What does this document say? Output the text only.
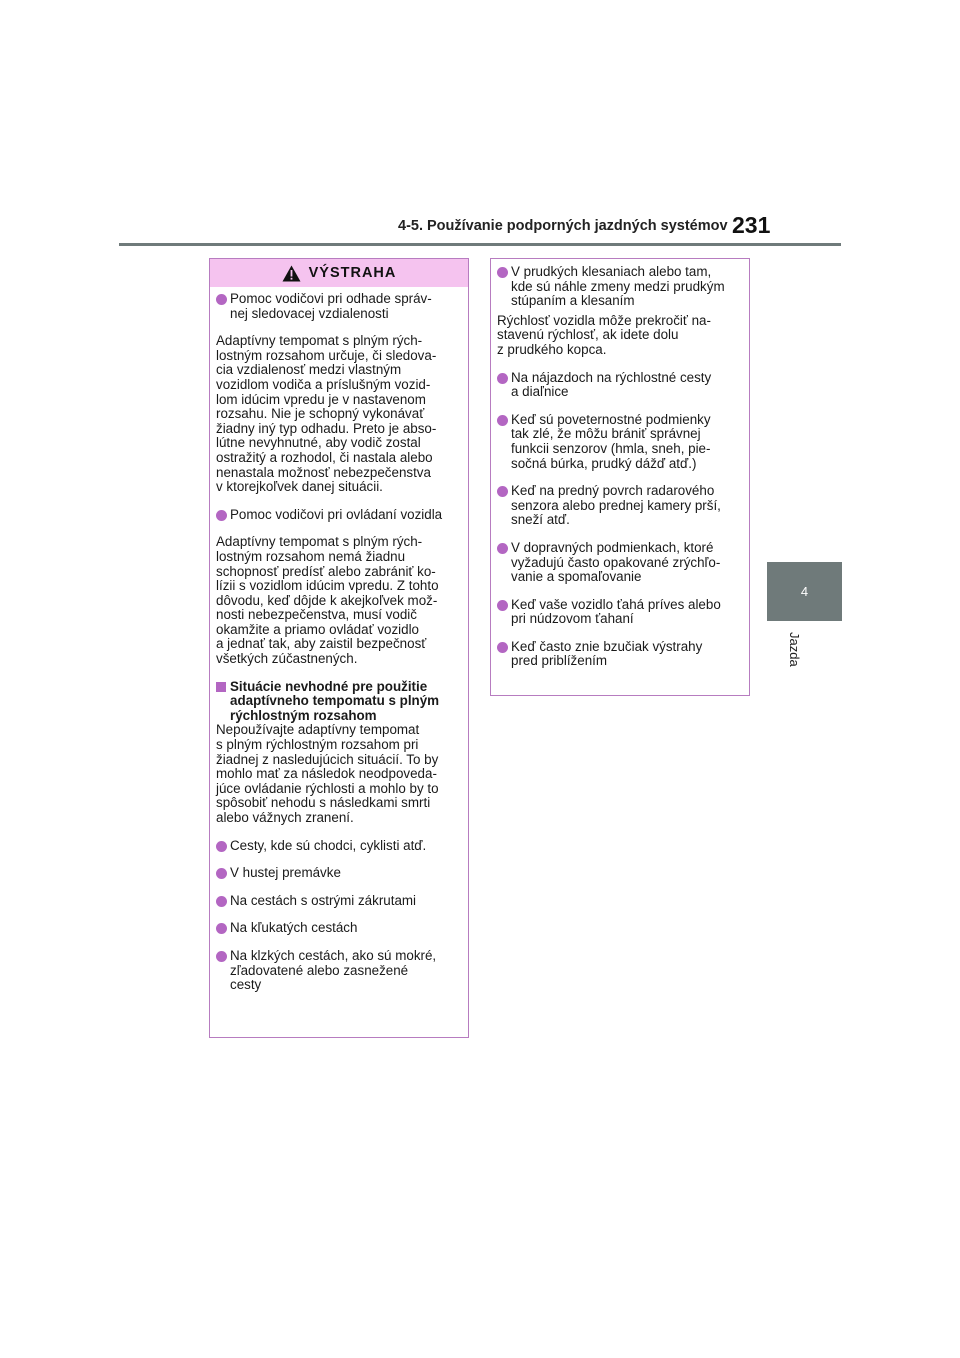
4-5. Používanie podporných jazdných systémov 231
4
Jazda
VÝSTRAHA
Pomoc vodičovi pri odhade správ-
nej sledovacej vzdialenosti
Adaptívny tempomat s plným rých-
lostným rozsahom určuje, či sledova-
cia vzdialenosť medzi vlastným
vozidlom vodiča a príslušným vozid-
lom idúcim vpredu je v nastavenom
rozsahu. Nie je schopný vykonávať
žiadny iný typ odhadu. Preto je abso-
lútne nevyhnutné, aby vodič zostal
ostražitý a rozhodol, či nastala alebo
nenastala možnosť nebezpečenstva
v ktorejkoľvek danej situácii.
Pomoc vodičovi pri ovládaní vozidla
Adaptívny tempomat s plným rých-
lostným rozsahom nemá žiadnu
schopnosť predísť alebo zabrániť ko-
lízii s vozidlom idúcim vpredu. Z tohto
dôvodu, keď dôjde k akejkoľvek mož-
nosti nebezpečenstva, musí vodič
okamžite a priamo ovládať vozidlo
a jednať tak, aby zaistil bezpečnosť
všetkých zúčastnených.
Situácie nevhodné pre použitie
adaptívneho tempomatu s plným
rýchlostným rozsahom
Nepoužívajte adaptívny tempomat
s plným rýchlostným rozsahom pri
žiadnej z nasledujúcich situácií. To by
mohlo mať za následok neodpoveda-
júce ovládanie rýchlosti a mohlo by to
spôsobiť nehodu s následkami smrti
alebo vážnych zranení.
Cesty, kde sú chodci, cyklisti atď.
V hustej premávke
Na cestách s ostrými zákrutami
Na kľukatých cestách
Na klzkých cestách, ako sú mokré,
zľadovatené alebo zasnežené
cesty
V prudkých klesaniach alebo tam,
kde sú náhle zmeny medzi prudkým
stúpaním a klesaním
Rýchlosť vozidla môže prekročiť na-
stavenú rýchlosť, ak idete dolu
z prudkého kopca.
Na nájazdoch na rýchlostné cesty
a diaľnice
Keď sú poveternostné podmienky
tak zlé, že môžu brániť správnej
funkcii senzorov (hmla, sneh, pie-
sočná búrka, prudký dážď atď.)
Keď na predný povrch radarového
senzora alebo prednej kamery prší,
sneží atď.
V dopravných podmienkach, ktoré
vyžadujú často opakované zrýchľo-
vanie a spomaľovanie
Keď vaše vozidlo ťahá príves alebo
pri núdzovom ťahaní
Keď často znie bzučiak výstrahy
pred priblížením
